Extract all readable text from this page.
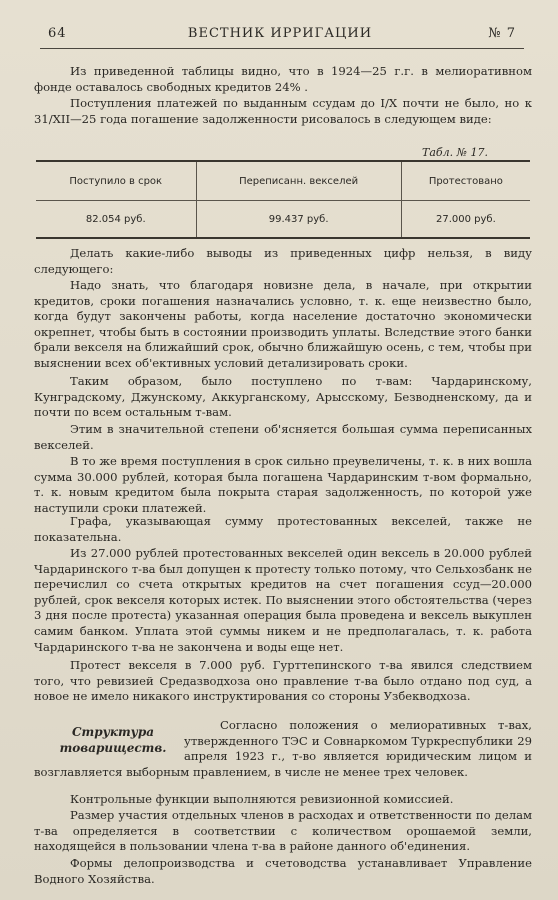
64	ВЕСТНИК ИРРИГАЦИИ	№ 7
Из приведенной таблицы видно, что в 1924—25 г.г. в мелиоративном фонде оставалось свободных кредитов 24% .
Поступления платежей по выданным ссудам до I/X почти не было, но к 31/XII—25 года погашение задолженности рисовалось в следующем виде:
Табл. № 17.
Поступило в срок	Переписанн. векселей	Протестовано
82.054 руб.	99.437 руб.	27.000 руб.
Делать какие-либо выводы из приведенных цифр нельзя, в виду следующего:
Надо знать, что благодаря новизне дела, в начале, при открытии кредитов, сроки погашения назначались условно, т. к. еще неизвестно было, когда будут закончены работы, когда население достаточно экономически окрепнет, чтобы быть в состоянии производить уплаты. Вследствие этого банки брали векселя на ближайший срок, обычно ближайшую осень, с тем, чтобы при выяснении всех об'ективных условий детализировать сроки.
Таким образом, было поступлено по т-вам: Чардаринскому, Кунградскому, Джунскому, Аккурганскому, Арысскому, Безводненскому, да и почти по всем остальным т-вам.
Этим в значительной степени об'ясняется большая сумма переписанных векселей.
В то же время поступления в срок сильно преувеличены, т. к. в них вошла сумма 30.000 рублей, которая была погашена Чардаринским т-вом формально, т. к. новым кредитом была покрыта старая задолженность, по которой уже наступили сроки платежей.
Графа, указывающая сумму протестованных векселей, также не показательна.
Из 27.000 рублей протестованных векселей один вексель в 20.000 рублей Чардаринского т-ва был допущен к протесту только потому, что Сельхозбанк не перечислил со счета открытых кредитов на счет погашения ссуд—20.000 рублей, срок векселя которых истек. По выяснении этого обстоятельства (через 3 дня после протеста) указанная операция была проведена и вексель выкуплен самим банком. Уплата этой суммы никем и не предполагалась, т. к. работа Чардаринского т-ва не закончена и воды еще нет.
Протест векселя в 7.000 руб. Гурттепинского т-ва явился следствием того, что ревизией Средазводхоза оно правление т-ва было отдано под суд, а новое не имело никакого инструктирования со стороны Узбекводхоза.
Структура товариществ.
Согласно положения о мелиоративных т-вах, утвержденного ТЭС и Совнаркомом Туркреспублики 29 апреля 1923 г., т-во является юридическим лицом и возглавляется выборным правлением, в числе не менее трех человек.
Контрольные функции выполняются ревизионной комиссией.
Размер участия отдельных членов в расходах и ответственности по делам т-ва определяется в соответствии с количеством орошаемой земли, находящейся в пользовании члена т-ва в районе данного об'единения.
Формы делопроизводства и счетоводства устанавливает Управление Водного Хозяйства.
